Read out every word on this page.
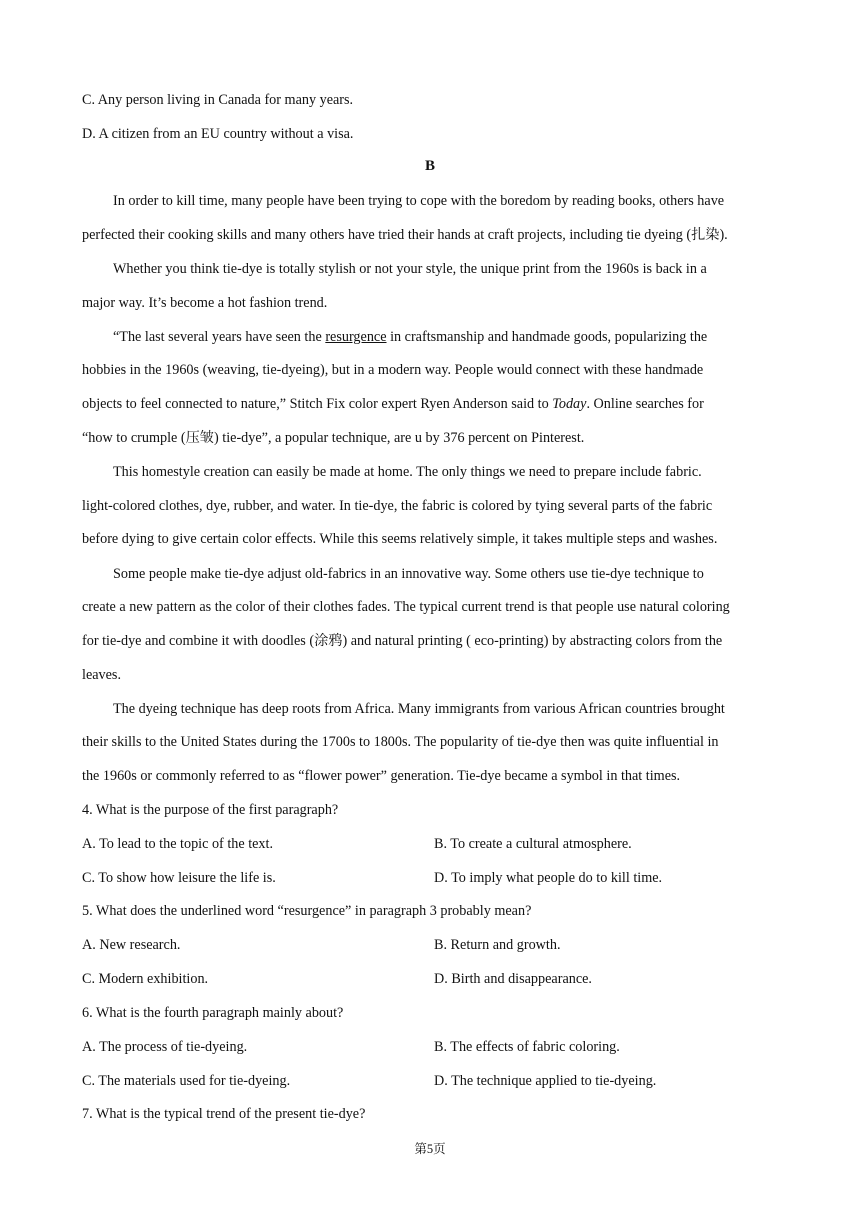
C. Any person living in Canada for many years.
D. A citizen from an EU country without a visa.
B
In order to kill time, many people have been trying to cope with the boredom by reading books, others have
perfected their cooking skills and many others have tried their hands at craft projects, including tie dyeing (扎染).
Whether you think tie-dye is totally stylish or not your style, the unique print from the 1960s is back in a
major way. It’s become a hot fashion trend.
“The last several years have seen the resurgence in craftsmanship and handmade goods, popularizing the
hobbies in the 1960s (weaving, tie-dyeing), but in a modern way. People would connect with these handmade
objects to feel connected to nature,” Stitch Fix color expert Ryen Anderson said to Today. Online searches for
“how to crumple (压皱) tie-dye”, a popular technique, are u by 376 percent on Pinterest.
This homestyle creation can easily be made at home. The only things we need to prepare include fabric.
light-colored clothes, dye, rubber, and water. In tie-dye, the fabric is colored by tying several parts of the fabric
before dying to give certain color effects. While this seems relatively simple, it takes multiple steps and washes.
Some people make tie-dye adjust old-fabrics in an innovative way. Some others use tie-dye technique to
create a new pattern as the color of their clothes fades. The typical current trend is that people use natural coloring
for tie-dye and combine it with doodles (涂鸦) and natural printing ( eco-printing) by abstracting colors from the
leaves.
The dyeing technique has deep roots from Africa. Many immigrants from various African countries brought
their skills to the United States during the 1700s to 1800s. The popularity of tie-dye then was quite influential in
the 1960s or commonly referred to as “flower power” generation. Tie-dye became a symbol in that times.
4. What is the purpose of the first paragraph?
A. To lead to the topic of the text.	B. To create a cultural atmosphere.
C. To show how leisure the life is.	D. To imply what people do to kill time.
5. What does the underlined word “resurgence” in paragraph 3 probably mean?
A. New research.	B. Return and growth.
C. Modern exhibition.	D. Birth and disappearance.
6. What is the fourth paragraph mainly about?
A. The process of tie-dyeing.	B. The effects of fabric coloring.
C. The materials used for tie-dyeing.	D. The technique applied to tie-dyeing.
7. What is the typical trend of the present tie-dye?
第5页
